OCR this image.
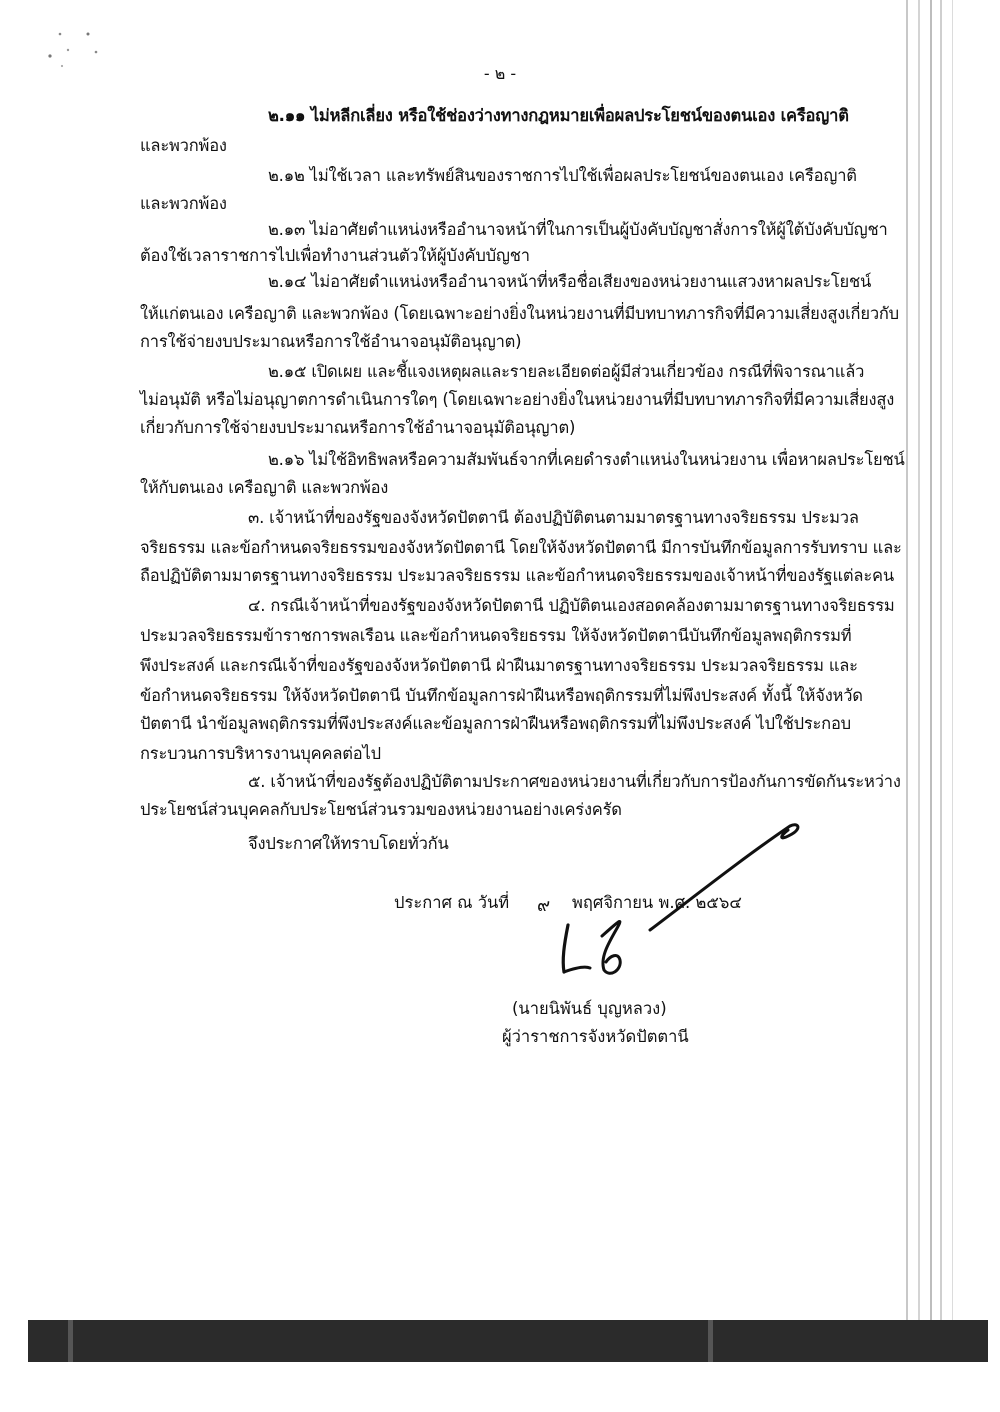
- ๒ -
๒.๑๑ ไม่หลีกเลี่ยง หรือใช้ช่องว่างทางกฎหมายเพื่อผลประโยชน์ของตนเอง เครือญาติ
และพวกพ้อง
๒.๑๒ ไม่ใช้เวลา และทรัพย์สินของราชการไปใช้เพื่อผลประโยชน์ของตนเอง เครือญาติ
และพวกพ้อง
๒.๑๓ ไม่อาศัยตำแหน่งหรืออำนาจหน้าที่ในการเป็นผู้บังคับบัญชาสั่งการให้ผู้ใต้บังคับบัญชา
ต้องใช้เวลาราชการไปเพื่อทำงานส่วนตัวให้ผู้บังคับบัญชา
๒.๑๔ ไม่อาศัยตำแหน่งหรืออำนาจหน้าที่หรือชื่อเสียงของหน่วยงานแสวงหาผลประโยชน์
ให้แก่ตนเอง เครือญาติ และพวกพ้อง (โดยเฉพาะอย่างยิ่งในหน่วยงานที่มีบทบาทภารกิจที่มีความเสี่ยงสูงเกี่ยวกับ
การใช้จ่ายงบประมาณหรือการใช้อำนาจอนุมัติอนุญาต)
๒.๑๕ เปิดเผย และชี้แจงเหตุผลและรายละเอียดต่อผู้มีส่วนเกี่ยวข้อง กรณีที่พิจารณาแล้ว
ไม่อนุมัติ หรือไม่อนุญาตการดำเนินการใดๆ (โดยเฉพาะอย่างยิ่งในหน่วยงานที่มีบทบาทภารกิจที่มีความเสี่ยงสูง
เกี่ยวกับการใช้จ่ายงบประมาณหรือการใช้อำนาจอนุมัติอนุญาต)
๒.๑๖ ไม่ใช้อิทธิพลหรือความสัมพันธ์จากที่เคยดำรงตำแหน่งในหน่วยงาน เพื่อหาผลประโยชน์
ให้กับตนเอง เครือญาติ และพวกพ้อง
๓. เจ้าหน้าที่ของรัฐของจังหวัดปัตตานี ต้องปฏิบัติตนตามมาตรฐานทางจริยธรรม ประมวล
จริยธรรม และข้อกำหนดจริยธรรมของจังหวัดปัตตานี โดยให้จังหวัดปัตตานี มีการบันทึกข้อมูลการรับทราบ และ
ถือปฏิบัติตามมาตรฐานทางจริยธรรม ประมวลจริยธรรม และข้อกำหนดจริยธรรมของเจ้าหน้าที่ของรัฐแต่ละคน
๔. กรณีเจ้าหน้าที่ของรัฐของจังหวัดปัตตานี ปฏิบัติตนเองสอดคล้องตามมาตรฐานทางจริยธรรม
ประมวลจริยธรรมข้าราชการพลเรือน และข้อกำหนดจริยธรรม ให้จังหวัดปัตตานีบันทึกข้อมูลพฤติกรรมที่
พึงประสงค์ และกรณีเจ้าที่ของรัฐของจังหวัดปัตตานี ฝ่าฝืนมาตรฐานทางจริยธรรม ประมวลจริยธรรม และ
ข้อกำหนดจริยธรรม ให้จังหวัดปัตตานี บันทึกข้อมูลการฝ่าฝืนหรือพฤติกรรมที่ไม่พึงประสงค์ ทั้งนี้ ให้จังหวัด
ปัตตานี นำข้อมูลพฤติกรรมที่พึงประสงค์และข้อมูลการฝ่าฝืนหรือพฤติกรรมที่ไม่พึงประสงค์ ไปใช้ประกอบ
กระบวนการบริหารงานบุคคลต่อไป
๕. เจ้าหน้าที่ของรัฐต้องปฏิบัติตามประกาศของหน่วยงานที่เกี่ยวกับการป้องกันการขัดกันระหว่าง
ประโยชน์ส่วนบุคคลกับประโยชน์ส่วนรวมของหน่วยงานอย่างเคร่งครัด
จึงประกาศให้ทราบโดยทั่วกัน
ประกาศ ณ วันที่ ๙ พฤศจิกายน พ.ศ. ๒๕๖๔
(นายนิพันธ์ บุญหลวง)
ผู้ว่าราชการจังหวัดปัตตานี
